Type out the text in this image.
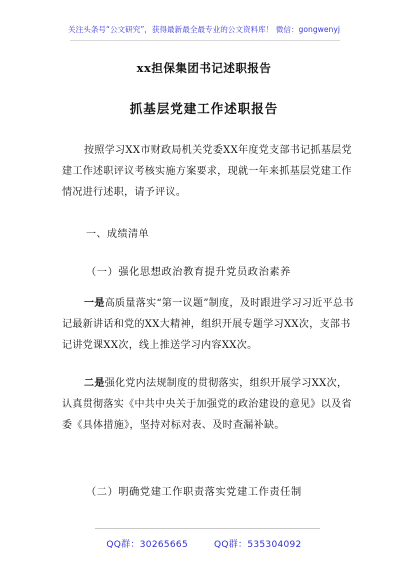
关注头条号“公文研究”，获得最新最全最专业的公文资料库！ 微信：gongwenyj
xx担保集团书记述职报告
抓基层党建工作述职报告

按照学习XX市财政局机关党委XX年度党支部书记抓基层党建工作述职评议考核实施方案要求，现就一年来抓基层党建工作情况进行述职，请予评议。

一、成绩清单
（一）强化思想政治教育提升党员政治素养

一是高质量落实“第一议题”制度，及时跟进学习习近平总书记最新讲话和党的XX大精神，组织开展专题学习XX次，支部书记讲党课XX次，线上推送学习内容XX次。

二是强化党内法规制度的贯彻落实，组织开展学习XX次，认真贯彻落实《中共中央关于加强党的政治建设的意见》以及省委《具体措施》，坚持对标对表、及时查漏补缺。

（二）明确党建工作职责落实党建工作责任制
QQ群：30265665	QQ群：535304092
